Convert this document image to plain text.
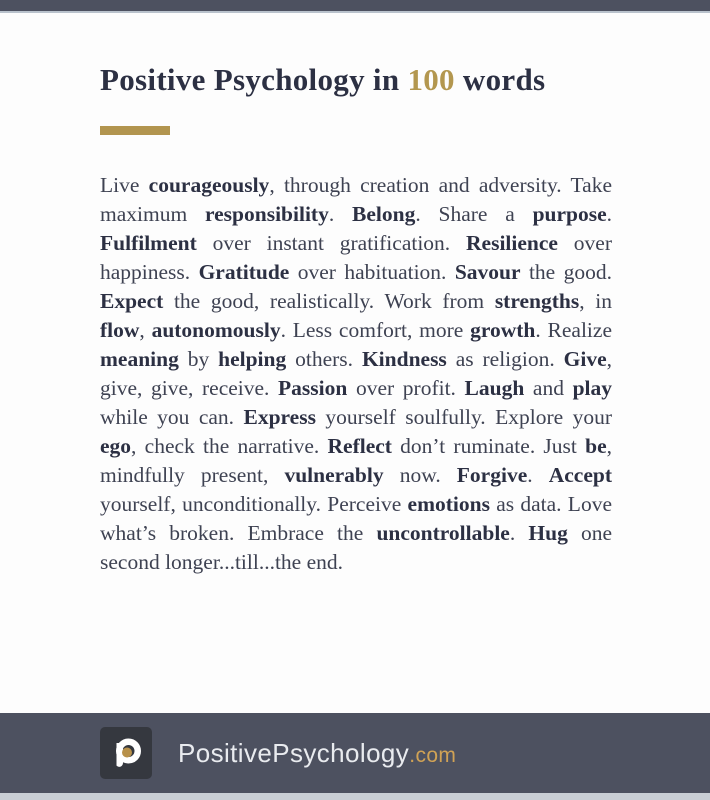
Positive Psychology in 100 words

Live courageously, through creation and adversity. Take maximum responsibility. Belong. Share a purpose. Fulfilment over instant gratification. Resilience over happiness. Gratitude over habituation. Savour the good. Expect the good, realistically. Work from strengths, in flow, autonomously. Less comfort, more growth. Realize meaning by helping others. Kindness as religion. Give, give, give, receive. Passion over profit. Laugh and play while you can. Express yourself soulfully. Explore your ego, check the narrative. Reflect don’t ruminate. Just be, mindfully present, vulnerably now. Forgive. Accept yourself, unconditionally. Perceive emotions as data. Love what’s broken. Embrace the uncontrollable. Hug one second longer...till...the end.

PositivePsychology.com
